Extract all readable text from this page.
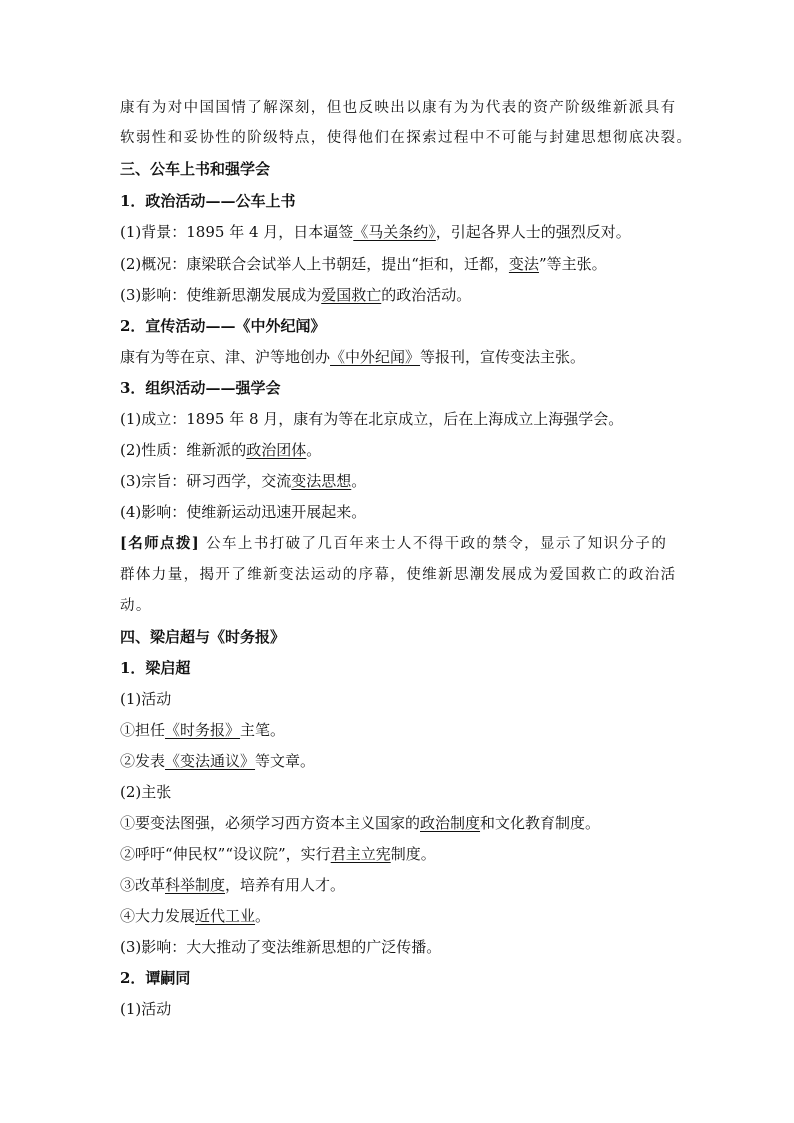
康有为对中国国情了解深刻，但也反映出以康有为为代表的资产阶级维新派具有
软弱性和妥协性的阶级特点，使得他们在探索过程中不可能与封建思想彻底决裂。
三、公车上书和强学会
1．政治活动——公车上书
(1)背景：1895 年 4 月，日本逼签《马关条约》，引起各界人士的强烈反对。
(2)概况：康梁联合会试举人上书朝廷，提出“拒和，迁都，变法”等主张。
(3)影响：使维新思潮发展成为爱国救亡的政治活动。
2．宣传活动——《中外纪闻》
康有为等在京、津、沪等地创办《中外纪闻》等报刊，宣传变法主张。
3．组织活动——强学会
(1)成立：1895 年 8 月，康有为等在北京成立，后在上海成立上海强学会。
(2)性质：维新派的政治团体。
(3)宗旨：研习西学，交流变法思想。
(4)影响：使维新运动迅速开展起来。
[名师点拨] 公车上书打破了几百年来士人不得干政的禁令，显示了知识分子的
群体力量，揭开了维新变法运动的序幕，使维新思潮发展成为爱国救亡的政治活
动。
四、梁启超与《时务报》
1．梁启超
(1)活动
①担任《时务报》主笔。
②发表《变法通议》等文章。
(2)主张
①要变法图强，必须学习西方资本主义国家的政治制度和文化教育制度。
②呼吁“伸民权”“设议院”，实行君主立宪制度。
③改革科举制度，培养有用人才。
④大力发展近代工业。
(3)影响：大大推动了变法维新思想的广泛传播。
2．谭嗣同
(1)活动
